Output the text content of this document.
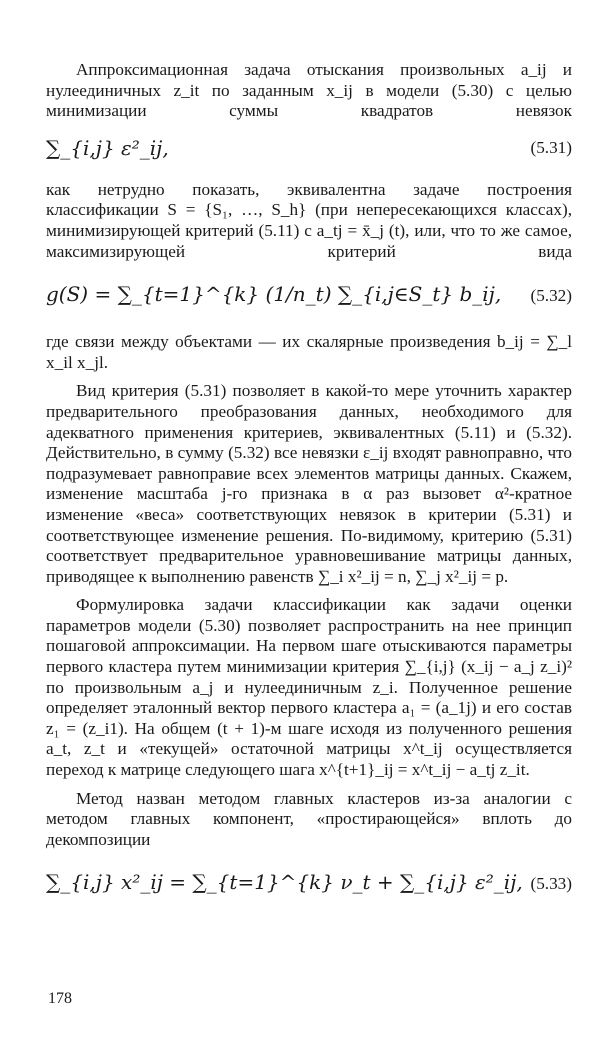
Аппроксимационная задача отыскания произвольных a_ij и нулеединичных z_it по заданным x_ij в модели (5.30) с целью минимизации суммы квадратов невязок

∑_{i,j} ε²_ij,	(5.31)

как нетрудно показать, эквивалентна задаче построения классификации S = {S₁, …, S_h} (при непересекающихся классах), минимизирующей критерий (5.11) с a_tj = x̄_j (t), или, что то же самое, максимизирующей критерий вида

g(S) = ∑_{t=1}^{k} (1/n_t) ∑_{i,j∈S_t} b_ij, (5.32)

где связи между объектами — их скалярные произведения b_ij = ∑_l x_il x_jl.

Вид критерия (5.31) позволяет в какой-то мере уточнить характер предварительного преобразования данных, необходимого для адекватного применения критериев, эквивалентных (5.11) и (5.32). Действительно, в сумму (5.32) все невязки ε_ij входят равноправно, что подразумевает равноправие всех элементов матрицы данных. Скажем, изменение масштаба j-го признака в α раз вызовет α²-кратное изменение «веса» соответствующих невязок в критерии (5.31) и соответствующее изменение решения. По-видимому, критерию (5.31) соответствует предварительное уравновешивание матрицы данных, приводящее к выполнению равенств ∑_i x²_ij = n, ∑_j x²_ij = p.

Формулировка задачи классификации как задачи оценки параметров модели (5.30) позволяет распространить на нее принцип пошаговой аппроксимации. На первом шаге отыскиваются параметры первого кластера путем минимизации критерия ∑_{i,j} (x_ij − a_j z_i)² по произвольным a_j и нулеединичным z_i. Полученное решение определяет эталонный вектор первого кластера a₁ = (a_1j) и его состав z₁ = (z_i1). На общем (t + 1)-м шаге исходя из полученного решения a_t, z_t и «текущей» остаточной матрицы x^t_ij осуществляется переход к матрице следующего шага x^{t+1}_ij = x^t_ij − a_tj z_it.

Метод назван методом главных кластеров из-за аналогии с методом главных компонент, «простирающейся» вплоть до декомпозиции

∑_{i,j} x²_ij = ∑_{t=1}^{k} ν_t + ∑_{i,j} ε²_ij, (5.33)
178
